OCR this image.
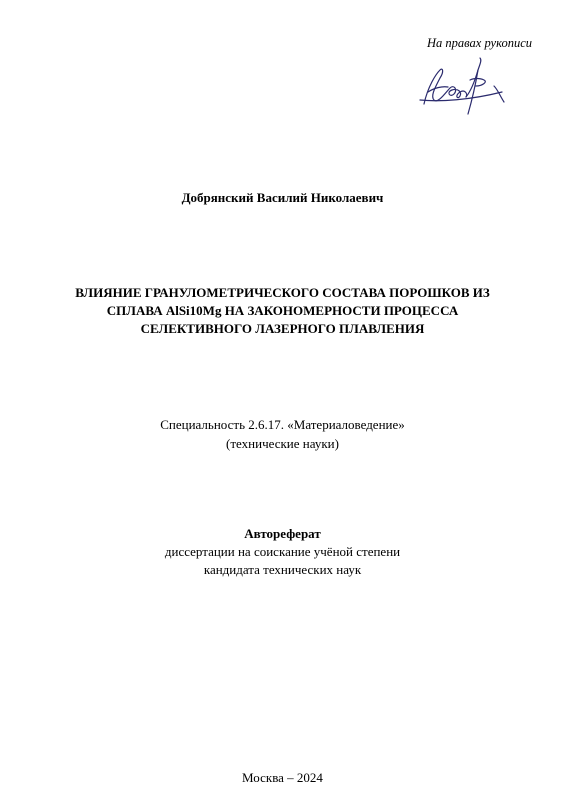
На правах рукописи
Добрянский Василий Николаевич
ВЛИЯНИЕ ГРАНУЛОМЕТРИЧЕСКОГО СОСТАВА ПОРОШКОВ ИЗ
СПЛАВА AlSi10Mg НА ЗАКОНОМЕРНОСТИ ПРОЦЕССА
СЕЛЕКТИВНОГО ЛАЗЕРНОГО ПЛАВЛЕНИЯ
Специальность 2.6.17. «Материаловедение»
(технические науки)
Автореферат
диссертации на соискание учёной степени
кандидата технических наук
Москва – 2024
